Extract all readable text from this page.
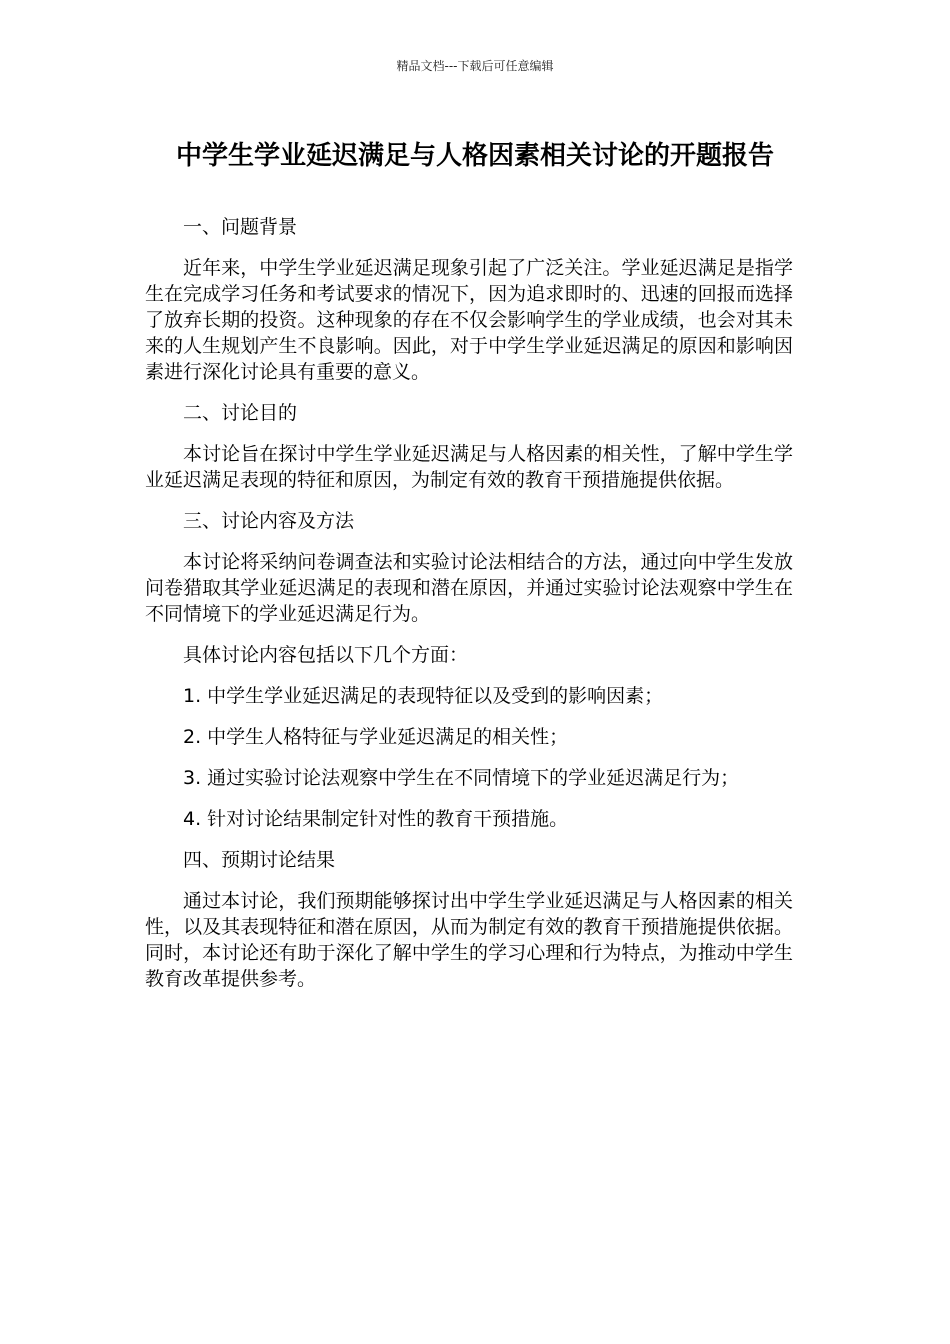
精品文档---下载后可任意编辑
中学生学业延迟满足与人格因素相关讨论的开题报告

一、问题背景

近年来，中学生学业延迟满足现象引起了广泛关注。学业延迟满足是指学生在完成学习任务和考试要求的情况下，因为追求即时的、迅速的回报而选择了放弃长期的投资。这种现象的存在不仅会影响学生的学业成绩，也会对其未来的人生规划产生不良影响。因此，对于中学生学业延迟满足的原因和影响因素进行深化讨论具有重要的意义。

二、讨论目的

本讨论旨在探讨中学生学业延迟满足与人格因素的相关性，了解中学生学业延迟满足表现的特征和原因，为制定有效的教育干预措施提供依据。

三、讨论内容及方法

本讨论将采纳问卷调查法和实验讨论法相结合的方法，通过向中学生发放问卷猎取其学业延迟满足的表现和潜在原因，并通过实验讨论法观察中学生在不同情境下的学业延迟满足行为。

具体讨论内容包括以下几个方面：

1. 中学生学业延迟满足的表现特征以及受到的影响因素；

2. 中学生人格特征与学业延迟满足的相关性；

3. 通过实验讨论法观察中学生在不同情境下的学业延迟满足行为；

4. 针对讨论结果制定针对性的教育干预措施。

四、预期讨论结果

通过本讨论，我们预期能够探讨出中学生学业延迟满足与人格因素的相关性，以及其表现特征和潜在原因，从而为制定有效的教育干预措施提供依据。同时，本讨论还有助于深化了解中学生的学习心理和行为特点，为推动中学生教育改革提供参考。
